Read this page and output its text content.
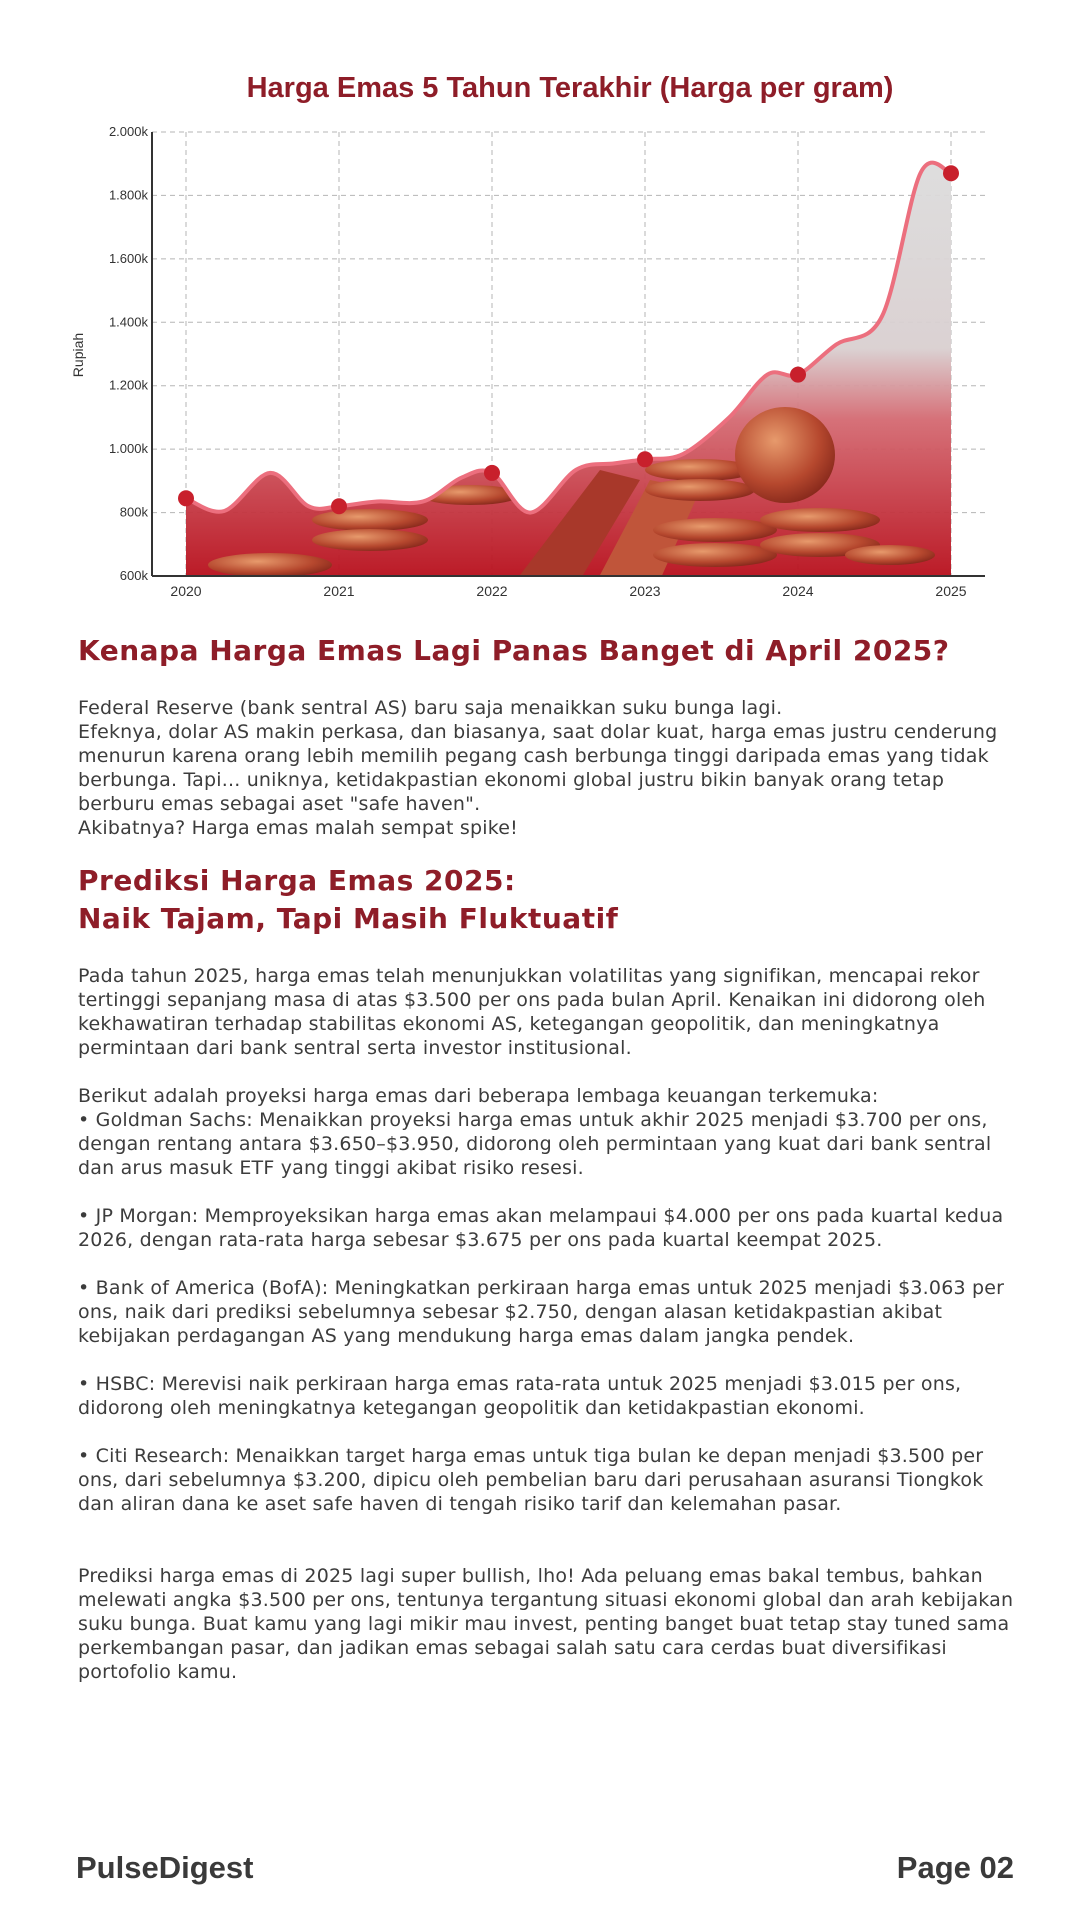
Harga Emas 5 Tahun Terakhir (Harga per gram)
600k
800k
1.000k
1.200k
1.400k
1.600k
1.800k
2.000k
2020	2021	2022	2023	2024	2025
Rupiah
Kenapa Harga Emas Lagi Panas Banget di April 2025?

Federal Reserve (bank sentral AS) baru saja menaikkan suku bunga lagi.
Efeknya, dolar AS makin perkasa, dan biasanya, saat dolar kuat, harga emas justru cenderung menurun karena orang lebih memilih pegang cash berbunga tinggi daripada emas yang tidak berbunga. Tapi... uniknya, ketidakpastian ekonomi global justru bikin banyak orang tetap berburu emas sebagai aset "safe haven".
Akibatnya? Harga emas malah sempat spike!

Prediksi Harga Emas 2025:
Naik Tajam, Tapi Masih Fluktuatif

Pada tahun 2025, harga emas telah menunjukkan volatilitas yang signifikan, mencapai rekor tertinggi sepanjang masa di atas $3.500 per ons pada bulan April. Kenaikan ini didorong oleh kekhawatiran terhadap stabilitas ekonomi AS, ketegangan geopolitik, dan meningkatnya permintaan dari bank sentral serta investor institusional.

Berikut adalah proyeksi harga emas dari beberapa lembaga keuangan terkemuka:

• Goldman Sachs: Menaikkan proyeksi harga emas untuk akhir 2025 menjadi $3.700 per ons, dengan rentang antara $3.650–$3.950, didorong oleh permintaan yang kuat dari bank sentral dan arus masuk ETF yang tinggi akibat risiko resesi.

• JP Morgan: Memproyeksikan harga emas akan melampaui $4.000 per ons pada kuartal kedua 2026, dengan rata-rata harga sebesar $3.675 per ons pada kuartal keempat 2025.

• Bank of America (BofA): Meningkatkan perkiraan harga emas untuk 2025 menjadi $3.063 per ons, naik dari prediksi sebelumnya sebesar $2.750, dengan alasan ketidakpastian akibat kebijakan perdagangan AS yang mendukung harga emas dalam jangka pendek.

• HSBC: Merevisi naik perkiraan harga emas rata-rata untuk 2025 menjadi $3.015 per ons, didorong oleh meningkatnya ketegangan geopolitik dan ketidakpastian ekonomi.

• Citi Research: Menaikkan target harga emas untuk tiga bulan ke depan menjadi $3.500 per ons, dari sebelumnya $3.200, dipicu oleh pembelian baru dari perusahaan asuransi Tiongkok dan aliran dana ke aset safe haven di tengah risiko tarif dan kelemahan pasar.

Prediksi harga emas di 2025 lagi super bullish, lho! Ada peluang emas bakal tembus, bahkan melewati angka $3.500 per ons, tentunya tergantung situasi ekonomi global dan arah kebijakan suku bunga. Buat kamu yang lagi mikir mau invest, penting banget buat tetap stay tuned sama perkembangan pasar, dan jadikan emas sebagai salah satu cara cerdas buat diversifikasi portofolio kamu.

PulseDigest	Page 02
